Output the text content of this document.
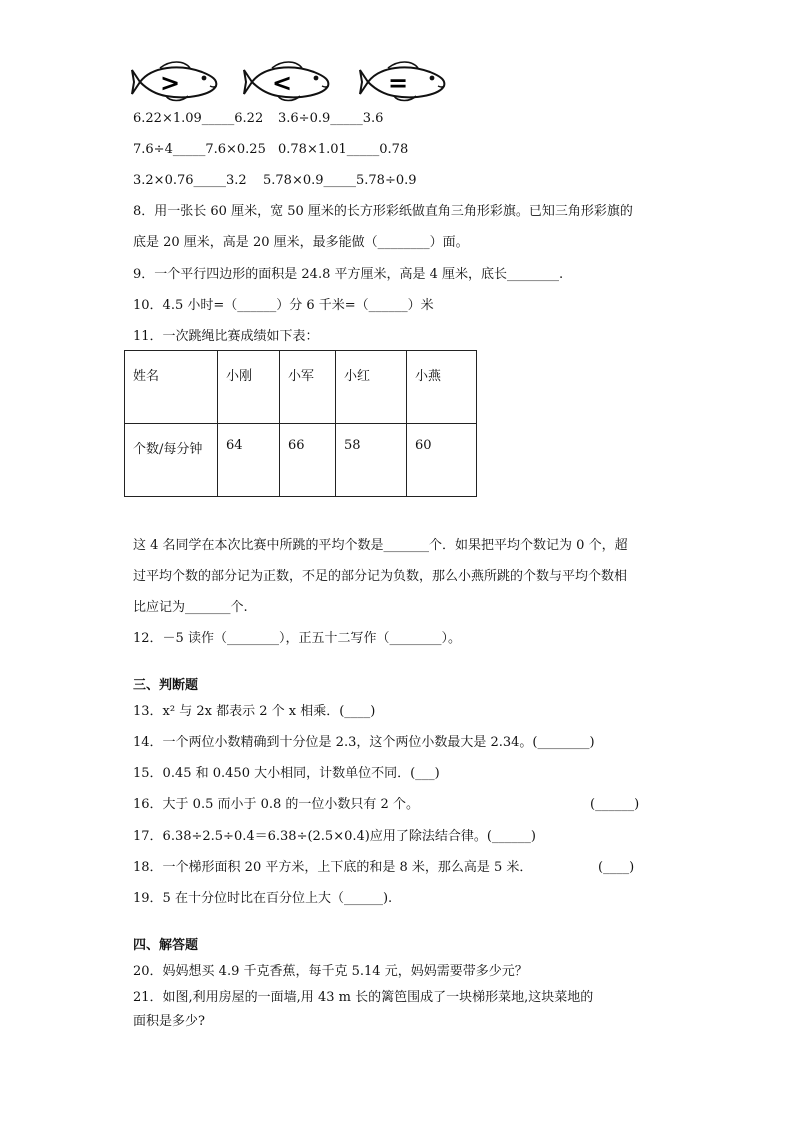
>	<	=
6.22×1.09_____6.22 3.6÷0.9_____3.6
7.6÷4_____7.6×0.25 0.78×1.01_____0.78
3.2×0.76_____3.2 5.78×0.9_____5.78÷0.9
8．用一张长 60 厘米，宽 50 厘米的长方形彩纸做直角三角形彩旗。已知三角形彩旗的
底是 20 厘米，高是 20 厘米，最多能做（________）面。
9．一个平行四边形的面积是 24.8 平方厘米，高是 4 厘米，底长________.
10．4.5 小时=（______）分 6 千米=（______）米
11．一次跳绳比赛成绩如下表：
姓名	小刚	小军	小红	小燕
个数/每分钟	64	66	58	60
这 4 名同学在本次比赛中所跳的平均个数是_______个．如果把平均个数记为 0 个，超
过平均个数的部分记为正数，不足的部分记为负数，那么小燕所跳的个数与平均个数相
比应记为_______个.
12．－5 读作（________），正五十二写作（________）。
三、判断题
13．x² 与 2x 都表示 2 个 x 相乘．(____)
14．一个两位小数精确到十分位是 2.3，这个两位小数最大是 2.34。(________)
15．0.45 和 0.450 大小相同，计数单位不同．(___)
16．大于 0.5 而小于 0.8 的一位小数只有 2 个。	(______)
17．6.38÷2.5÷0.4＝6.38÷(2.5×0.4)应用了除法结合律。(______)
18．一个梯形面积 20 平方米，上下底的和是 8 米，那么高是 5 米．	(____)
19．5 在十分位时比在百分位上大（______).
四、解答题
20．妈妈想买 4.9 千克香蕉，每千克 5.14 元，妈妈需要带多少元？
21．如图,利用房屋的一面墙,用 43 m 长的篱笆围成了一块梯形菜地,这块菜地的
面积是多少?
